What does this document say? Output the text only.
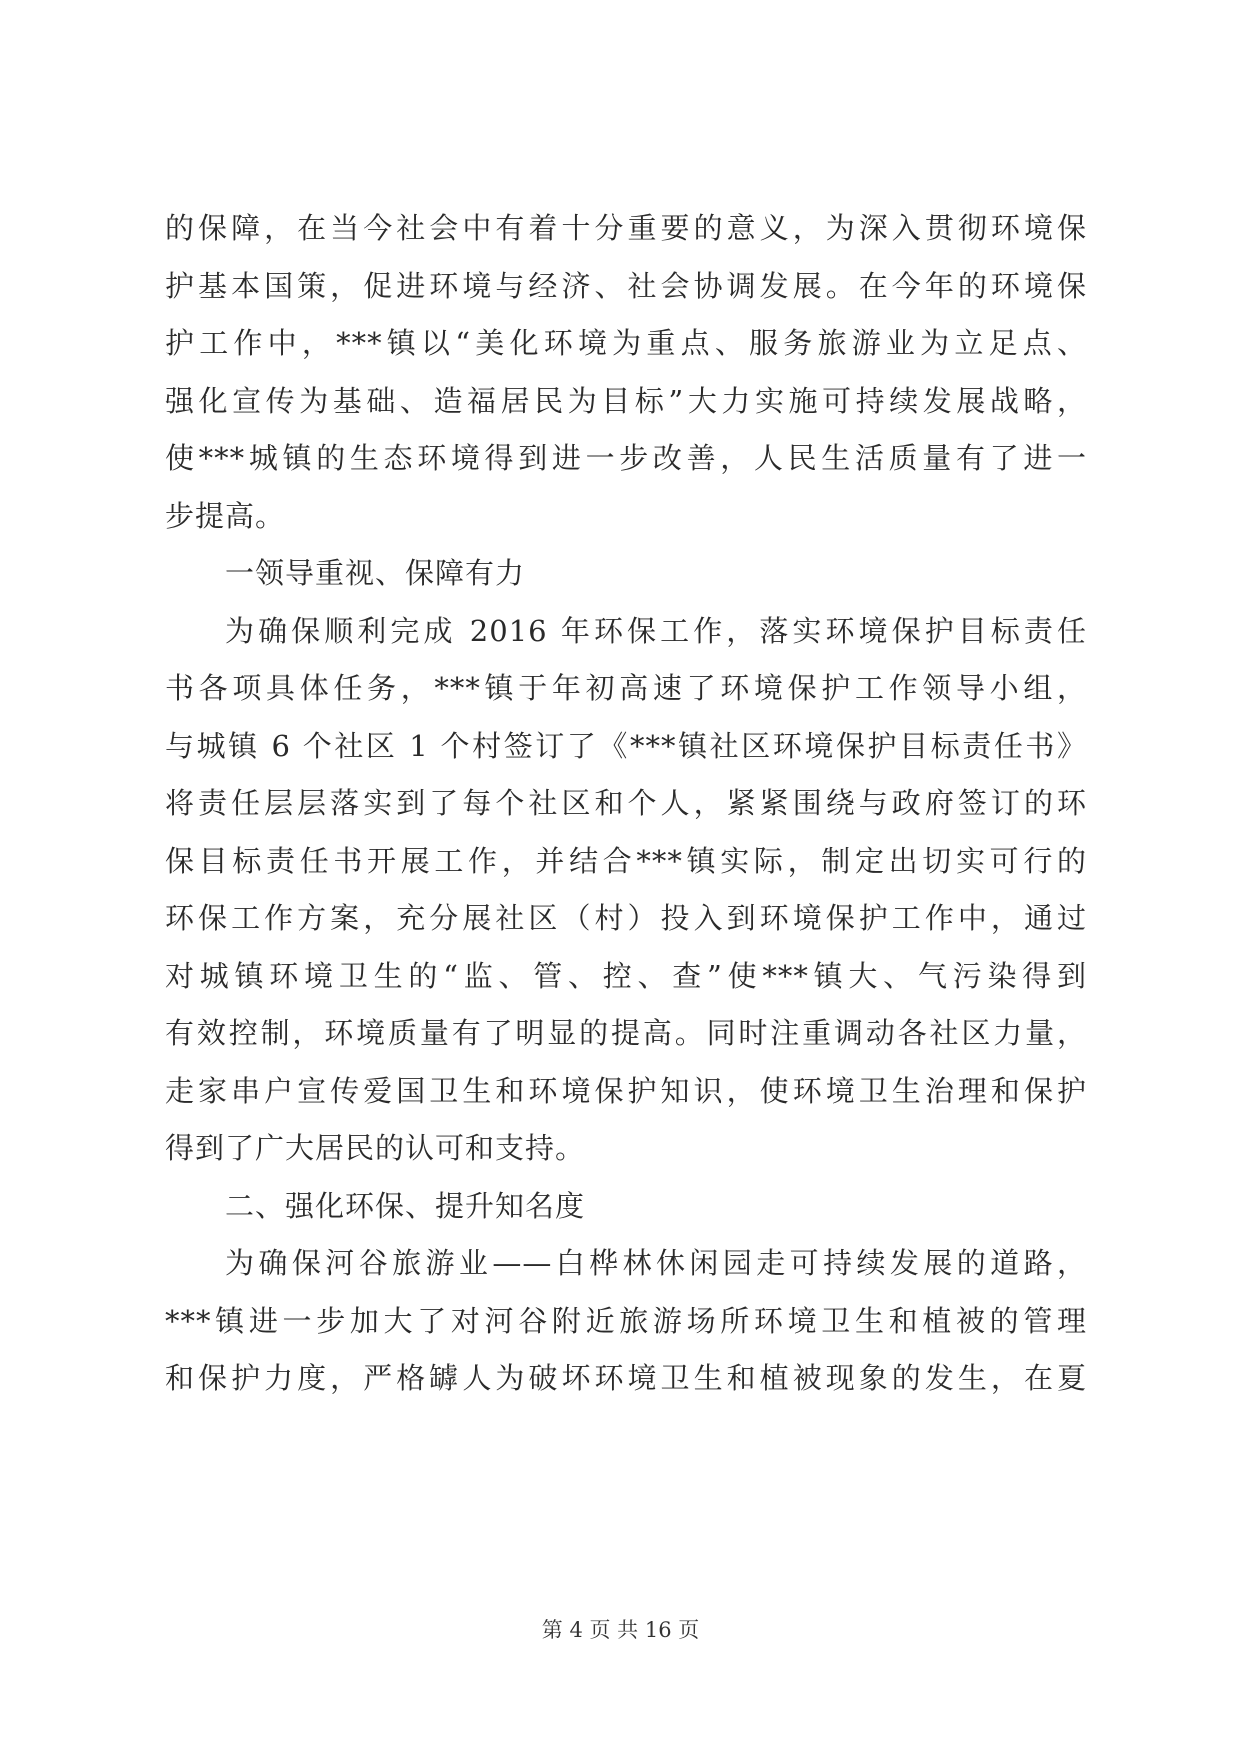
的保障，在当今社会中有着十分重要的意义，为深入贯彻环境保
护基本国策，促进环境与经济、社会协调发展。在今年的环境保
护工作中，***镇以“美化环境为重点、服务旅游业为立足点、
强化宣传为基础、造福居民为目标”大力实施可持续发展战略，
使***城镇的生态环境得到进一步改善，人民生活质量有了进一
步提高。
一领导重视、保障有力
为确保顺利完成 2016 年环保工作，落实环境保护目标责任
书各项具体任务，***镇于年初高速了环境保护工作领导小组，
与城镇 6 个社区 1 个村签订了《***镇社区环境保护目标责任书》
将责任层层落实到了每个社区和个人，紧紧围绕与政府签订的环
保目标责任书开展工作，并结合***镇实际，制定出切实可行的
环保工作方案，充分展社区（村）投入到环境保护工作中，通过
对城镇环境卫生的“监、管、控、查”使***镇大、气污染得到
有效控制，环境质量有了明显的提高。同时注重调动各社区力量，
走家串户宣传爱国卫生和环境保护知识，使环境卫生治理和保护
得到了广大居民的认可和支持。
二、强化环保、提升知名度
为确保河谷旅游业——白桦林休闲园走可持续发展的道路，
***镇进一步加大了对河谷附近旅游场所环境卫生和植被的管理
和保护力度，严格罅人为破坏环境卫生和植被现象的发生，在夏
第 4 页 共 16 页
